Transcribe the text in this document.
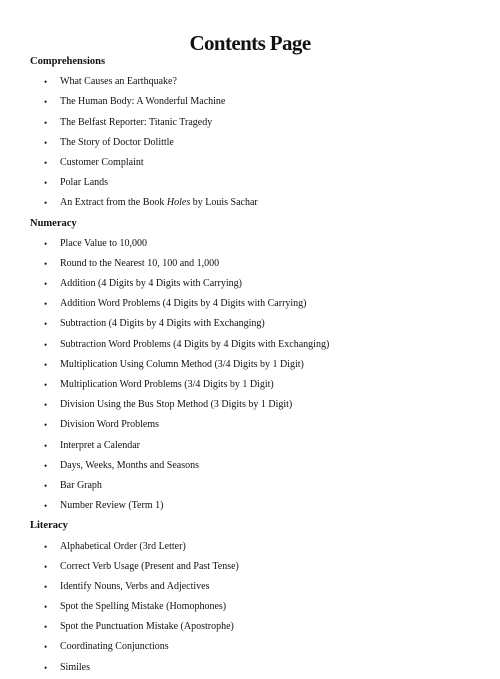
Contents Page
Comprehensions
• What Causes an Earthquake?
• The Human Body: A Wonderful Machine
• The Belfast Reporter: Titanic Tragedy
• The Story of Doctor Dolittle
• Customer Complaint
• Polar Lands
• An Extract from the Book Holes by Louis Sachar
Numeracy
• Place Value to 10,000
• Round to the Nearest 10, 100 and 1,000
• Addition (4 Digits by 4 Digits with Carrying)
• Addition Word Problems (4 Digits by 4 Digits with Carrying)
• Subtraction (4 Digits by 4 Digits with Exchanging)
• Subtraction Word Problems (4 Digits by 4 Digits with Exchanging)
• Multiplication Using Column Method (3/4 Digits by 1 Digit)
• Multiplication Word Problems (3/4 Digits by 1 Digit)
• Division Using the Bus Stop Method (3 Digits by 1 Digit)
• Division Word Problems
• Interpret a Calendar
• Days, Weeks, Months and Seasons
• Bar Graph
• Number Review (Term 1)
Literacy
• Alphabetical Order (3rd Letter)
• Correct Verb Usage (Present and Past Tense)
• Identify Nouns, Verbs and Adjectives
• Spot the Spelling Mistake (Homophones)
• Spot the Punctuation Mistake (Apostrophe)
• Coordinating Conjunctions
• Similes
